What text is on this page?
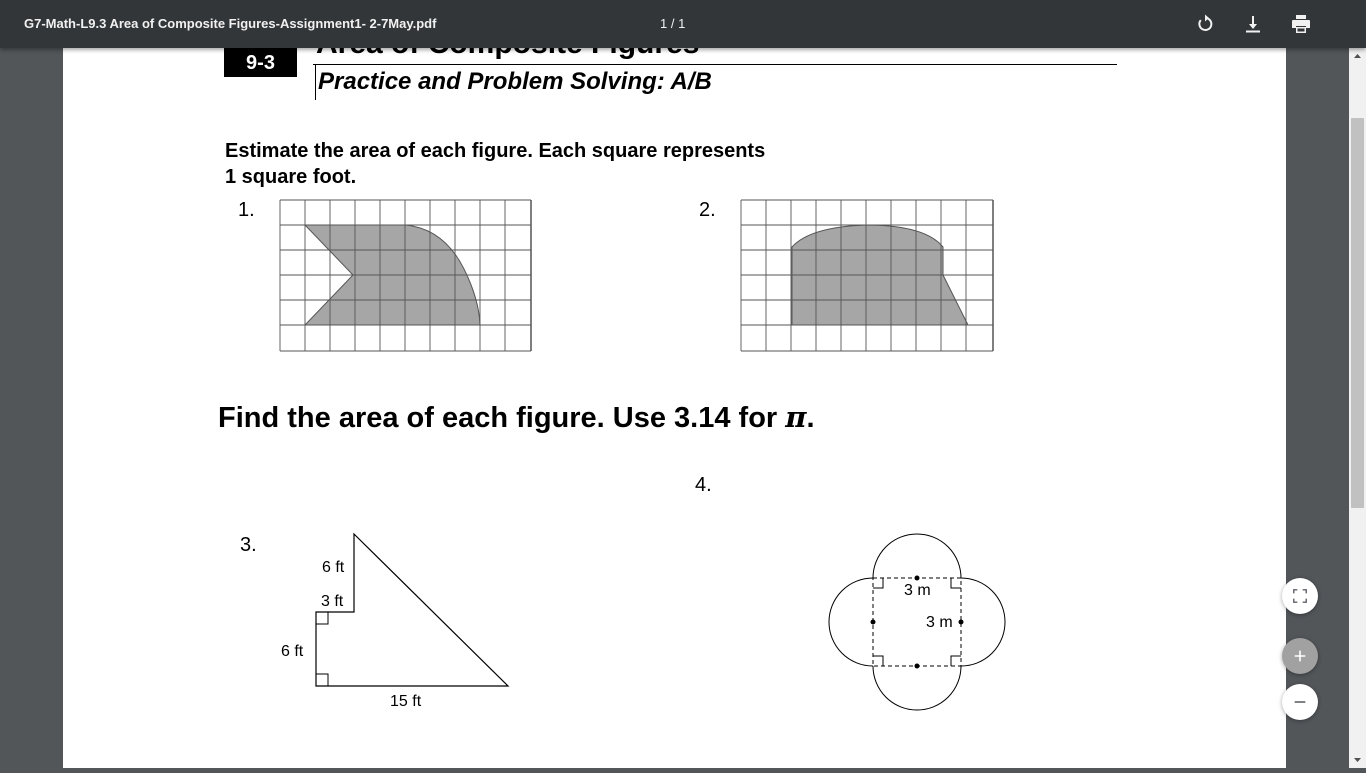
G7-Math-L9.3 Area of Composite Figures-Assignment1- 2-7May.pdf	1 / 1
9-3
Practice and Problem Solving: A/B
Estimate the area of each figure. Each square represents
1 square foot.
1.	2.
Find the area of each figure. Use 3.14 for π.
4.
3.
6 ft
3 ft
6 ft
15 ft
3 m
3 m
